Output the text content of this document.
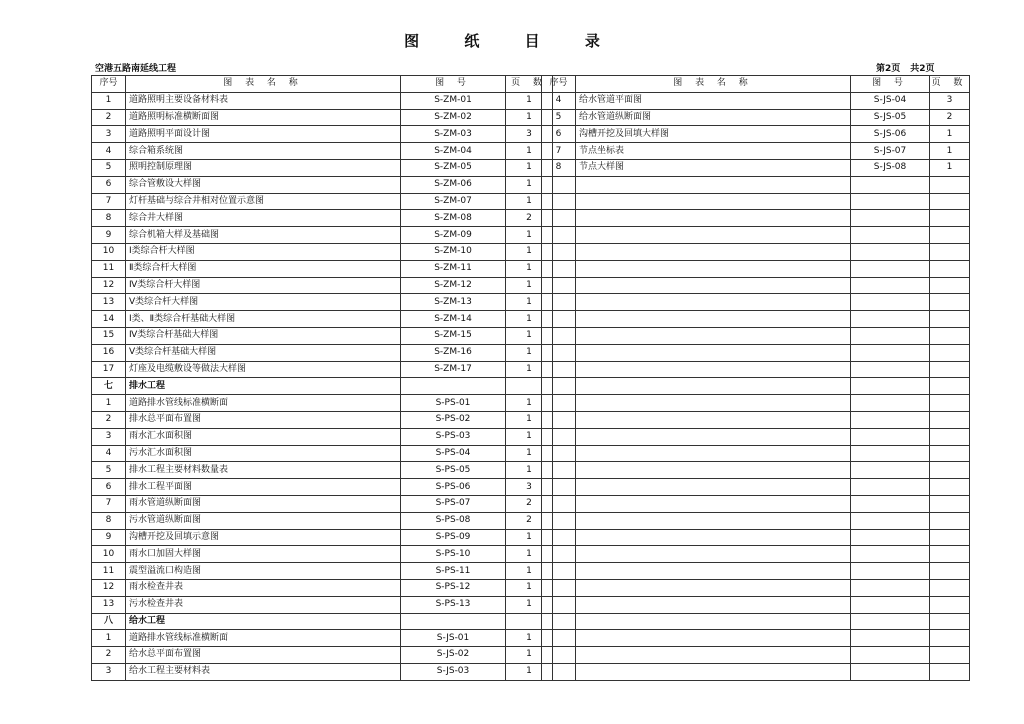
图 纸 目 录
空港五路南延线工程	第2页 共2页
序号	图 表 名 称	图 号	页 数
1	道路照明主要设备材料表	S-ZM-01	1
2	道路照明标准横断面图	S-ZM-02	1
3	道路照明平面设计图	S-ZM-03	3
4	综合箱系统图	S-ZM-04	1
5	照明控制原理图	S-ZM-05	1
6	综合管敷设大样图	S-ZM-06	1
7	灯杆基础与综合井相对位置示意图	S-ZM-07	1
8	综合井大样图	S-ZM-08	2
9	综合机箱大样及基础图	S-ZM-09	1
10	Ⅰ类综合杆大样图	S-ZM-10	1
11	Ⅱ类综合杆大样图	S-ZM-11	1
12	Ⅳ类综合杆大样图	S-ZM-12	1
13	Ⅴ类综合杆大样图	S-ZM-13	1
14	Ⅰ类、Ⅱ类综合杆基础大样图	S-ZM-14	1
15	Ⅳ类综合杆基础大样图	S-ZM-15	1
16	Ⅴ类综合杆基础大样图	S-ZM-16	1
17	灯座及电缆敷设等做法大样图	S-ZM-17	1
七	排水工程		
1	道路排水管线标准横断面	S-PS-01	1
2	排水总平面布置图	S-PS-02	1
3	雨水汇水面积图	S-PS-03	1
4	污水汇水面积图	S-PS-04	1
5	排水工程主要材料数量表	S-PS-05	1
6	排水工程平面图	S-PS-06	3
7	雨水管道纵断面图	S-PS-07	2
8	污水管道纵断面图	S-PS-08	2
9	沟槽开挖及回填示意图	S-PS-09	1
10	雨水口加固大样图	S-PS-10	1
11	震型溢流口构造图	S-PS-11	1
12	雨水检查井表	S-PS-12	1
13	污水检查井表	S-PS-13	1
八	给水工程		
1	道路排水管线标准横断面	S-JS-01	1
2	给水总平面布置图	S-JS-02	1
3	给水工程主要材料表	S-JS-03	1
序号	图 表 名 称	图 号	页 数
4	给水管道平面图	S-JS-04	3
5	给水管道纵断面图	S-JS-05	2
6	沟槽开挖及回填大样图	S-JS-06	1
7	节点坐标表	S-JS-07	1
8	节点大样图	S-JS-08	1
